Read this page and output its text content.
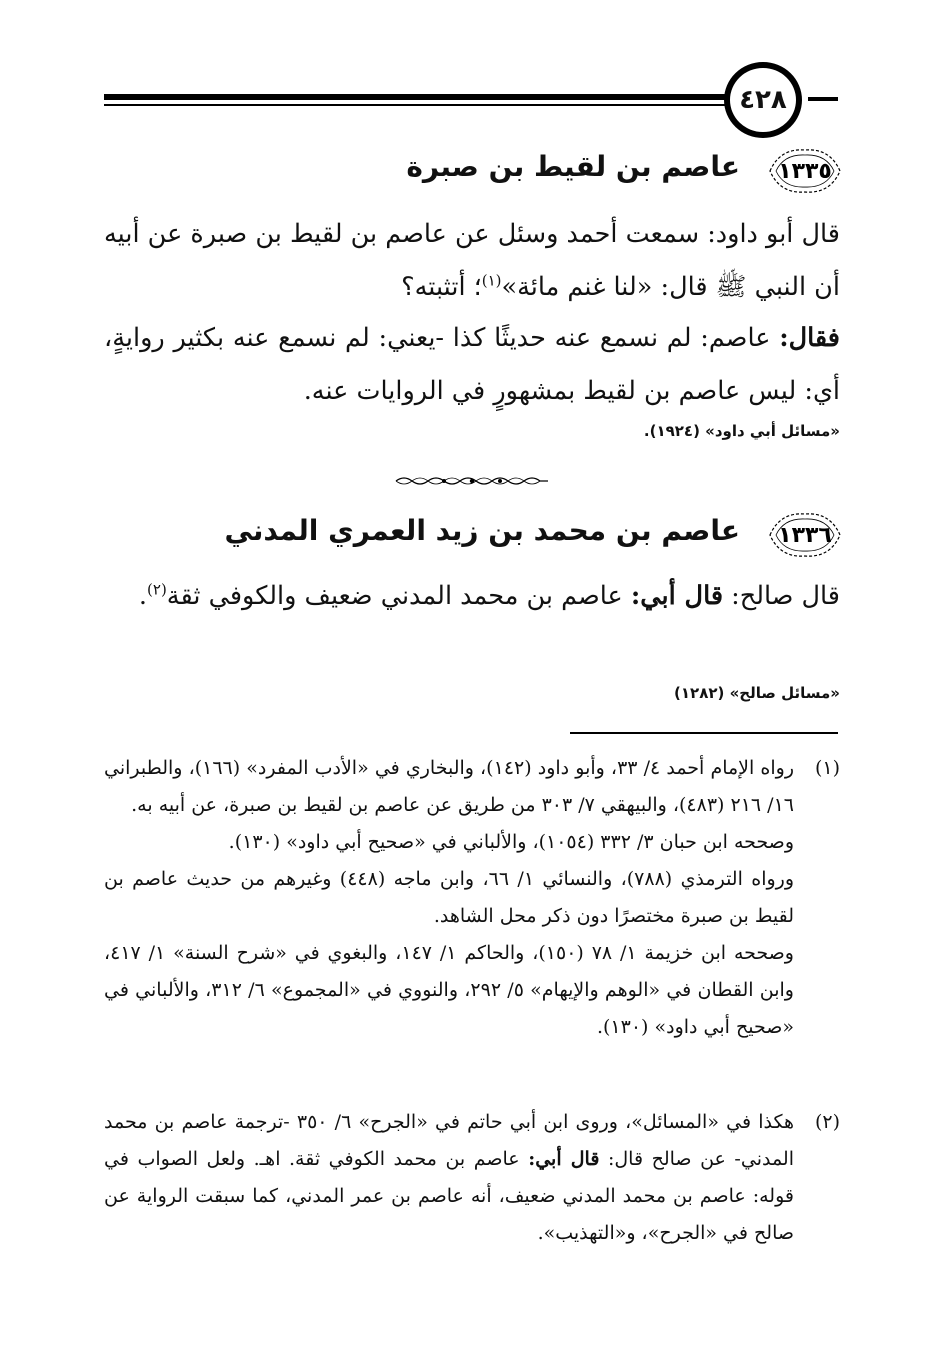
٤٢٨
١٣٣٥
عاصم بن لقيط بن صبرة
قال أبو داود: سمعت أحمد وسئل عن عاصم بن لقيط بن صبرة عن أبيه أن النبي ﷺ قال: «لنا غنم مائة»$^{(١)}$؛ أتثبته؟
فقال: عاصم: لم نسمع عنه حديثًا كذا -يعني: لم نسمع عنه بكثير روايةٍ، أي: ليس عاصم بن لقيط بمشهورٍ في الروايات عنه.
«مسائل أبي داود» (١٩٢٤).
١٣٣٦
عاصم بن محمد بن زيد العمري المدني
قال صالح: قال أبي: عاصم بن محمد المدني ضعيف والكوفي ثقة$^{(٢)}$.
«مسائل صالح» (١٢٨٢)
(١)
رواه الإمام أحمد ٤/ ٣٣، وأبو داود (١٤٢)، والبخاري في «الأدب المفرد» (١٦٦)، والطبراني ١٦/ ٢١٦ (٤٨٣)، والبيهقي ٧/ ٣٠٣ من طريق عن عاصم بن لقيط بن صبرة، عن أبيه به.
وصححه ابن حبان ٣/ ٣٣٢ (١٠٥٤)، والألباني في «صحيح أبي داود» (١٣٠).
ورواه الترمذي (٧٨٨)، والنسائي ١/ ٦٦، وابن ماجه (٤٤٨) وغيرهم من حديث عاصم بن لقيط بن صبرة مختصرًا دون ذكر محل الشاهد.
وصححه ابن خزيمة ١/ ٧٨ (١٥٠)، والحاكم ١/ ١٤٧، والبغوي في «شرح السنة» ١/ ٤١٧، وابن القطان في «الوهم والإيهام» ٥/ ٢٩٢، والنووي في «المجموع» ٦/ ٣١٢، والألباني في «صحيح أبي داود» (١٣٠).
(٢)
هكذا في «المسائل»، وروى ابن أبي حاتم في «الجرح» ٦/ ٣٥٠ -ترجمة عاصم بن محمد المدني- عن صالح قال: قال أبي: عاصم بن محمد الكوفي ثقة. اهـ. ولعل الصواب في قوله: عاصم بن محمد المدني ضعيف، أنه عاصم بن عمر المدني، كما سبقت الرواية عن صالح في «الجرح»، و«التهذيب».
